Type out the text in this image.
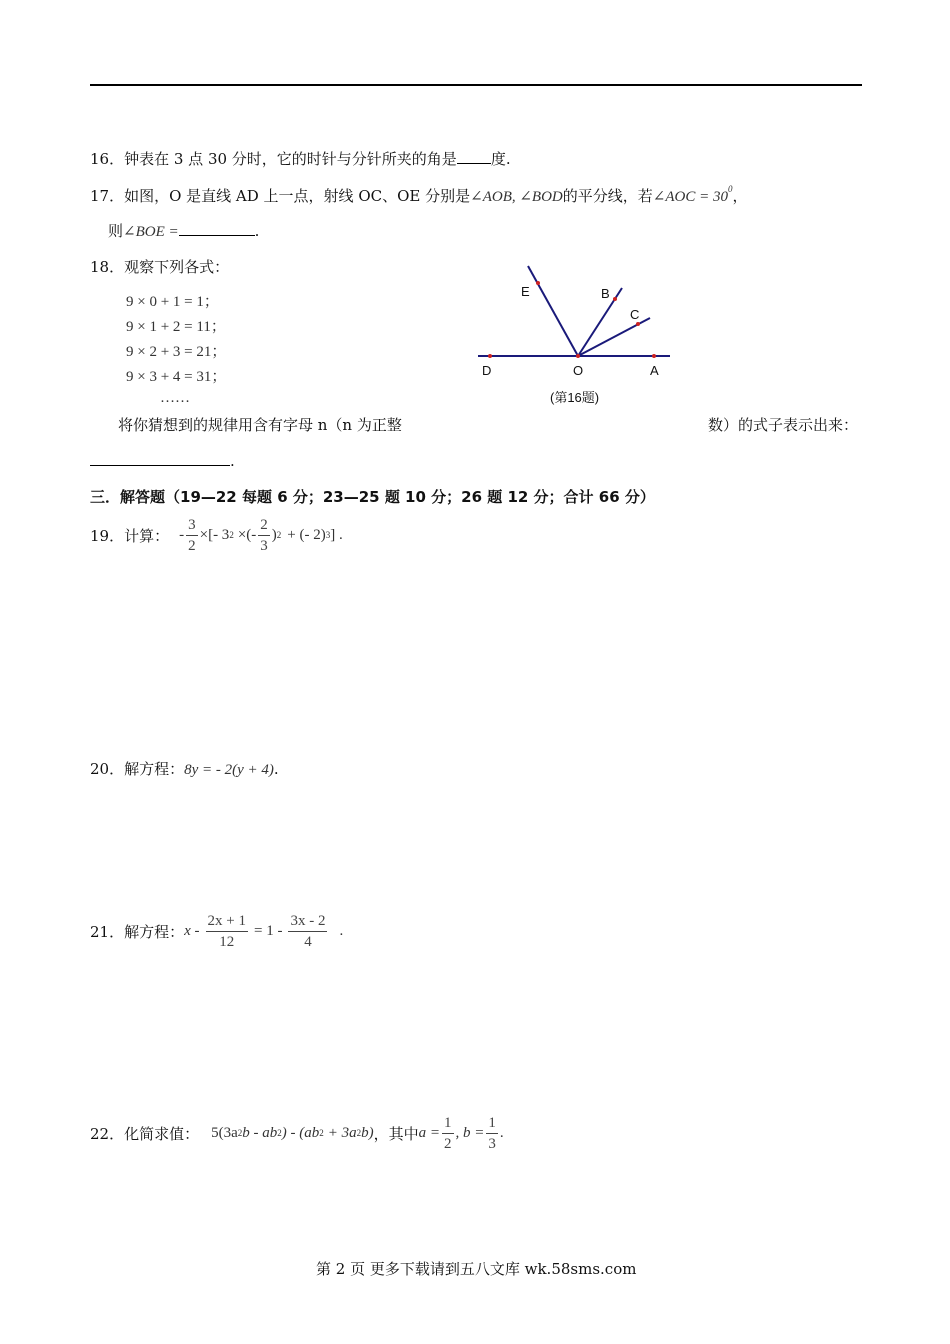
16．钟表在 3 点 30 分时，它的时针与分针所夹的角是 度.
17．如图，O 是直线 AD 上一点，射线 OC、OE 分别是∠AOB, ∠BOD的平分线，若∠AOC = $30^0$，
则∠BOE =	.
18．观察下列各式：
9 × 0 + 1 = 1；
9 × 1 + 2 = 11；
9 × 2 + 3 = 21；
9 × 3 + 4 = 31；
……
将你猜想到的规律用含有字母 n（n 为正整	数）的式子表示出来：
.
E	B
C
D	O	A
(第16题)
三．解答题（19—22 每题 6 分；23—25 题 10 分；26 题 12 分；合计 66 分）
19． 计算： - $\frac{3}{2}$ ×[- 3 2 ×(- $\frac{2}{3}$ ) 2 + (- 2) 3 ] .
20．解方程：8y = - 2(y + 4).
21． 解方程： $x - \frac{2x + 1}{12} = 1 - \frac{3x - 2}{4}$ .
22． 化简求值： 5(3a 2 b - ab 2 ) - (ab 2 + 3a 2 b) ，其中 $a = \frac{1}{2}$ , $b = \frac{1}{3}$ .
第 2 页 更多下载请到五八文库 wk.58sms.com
